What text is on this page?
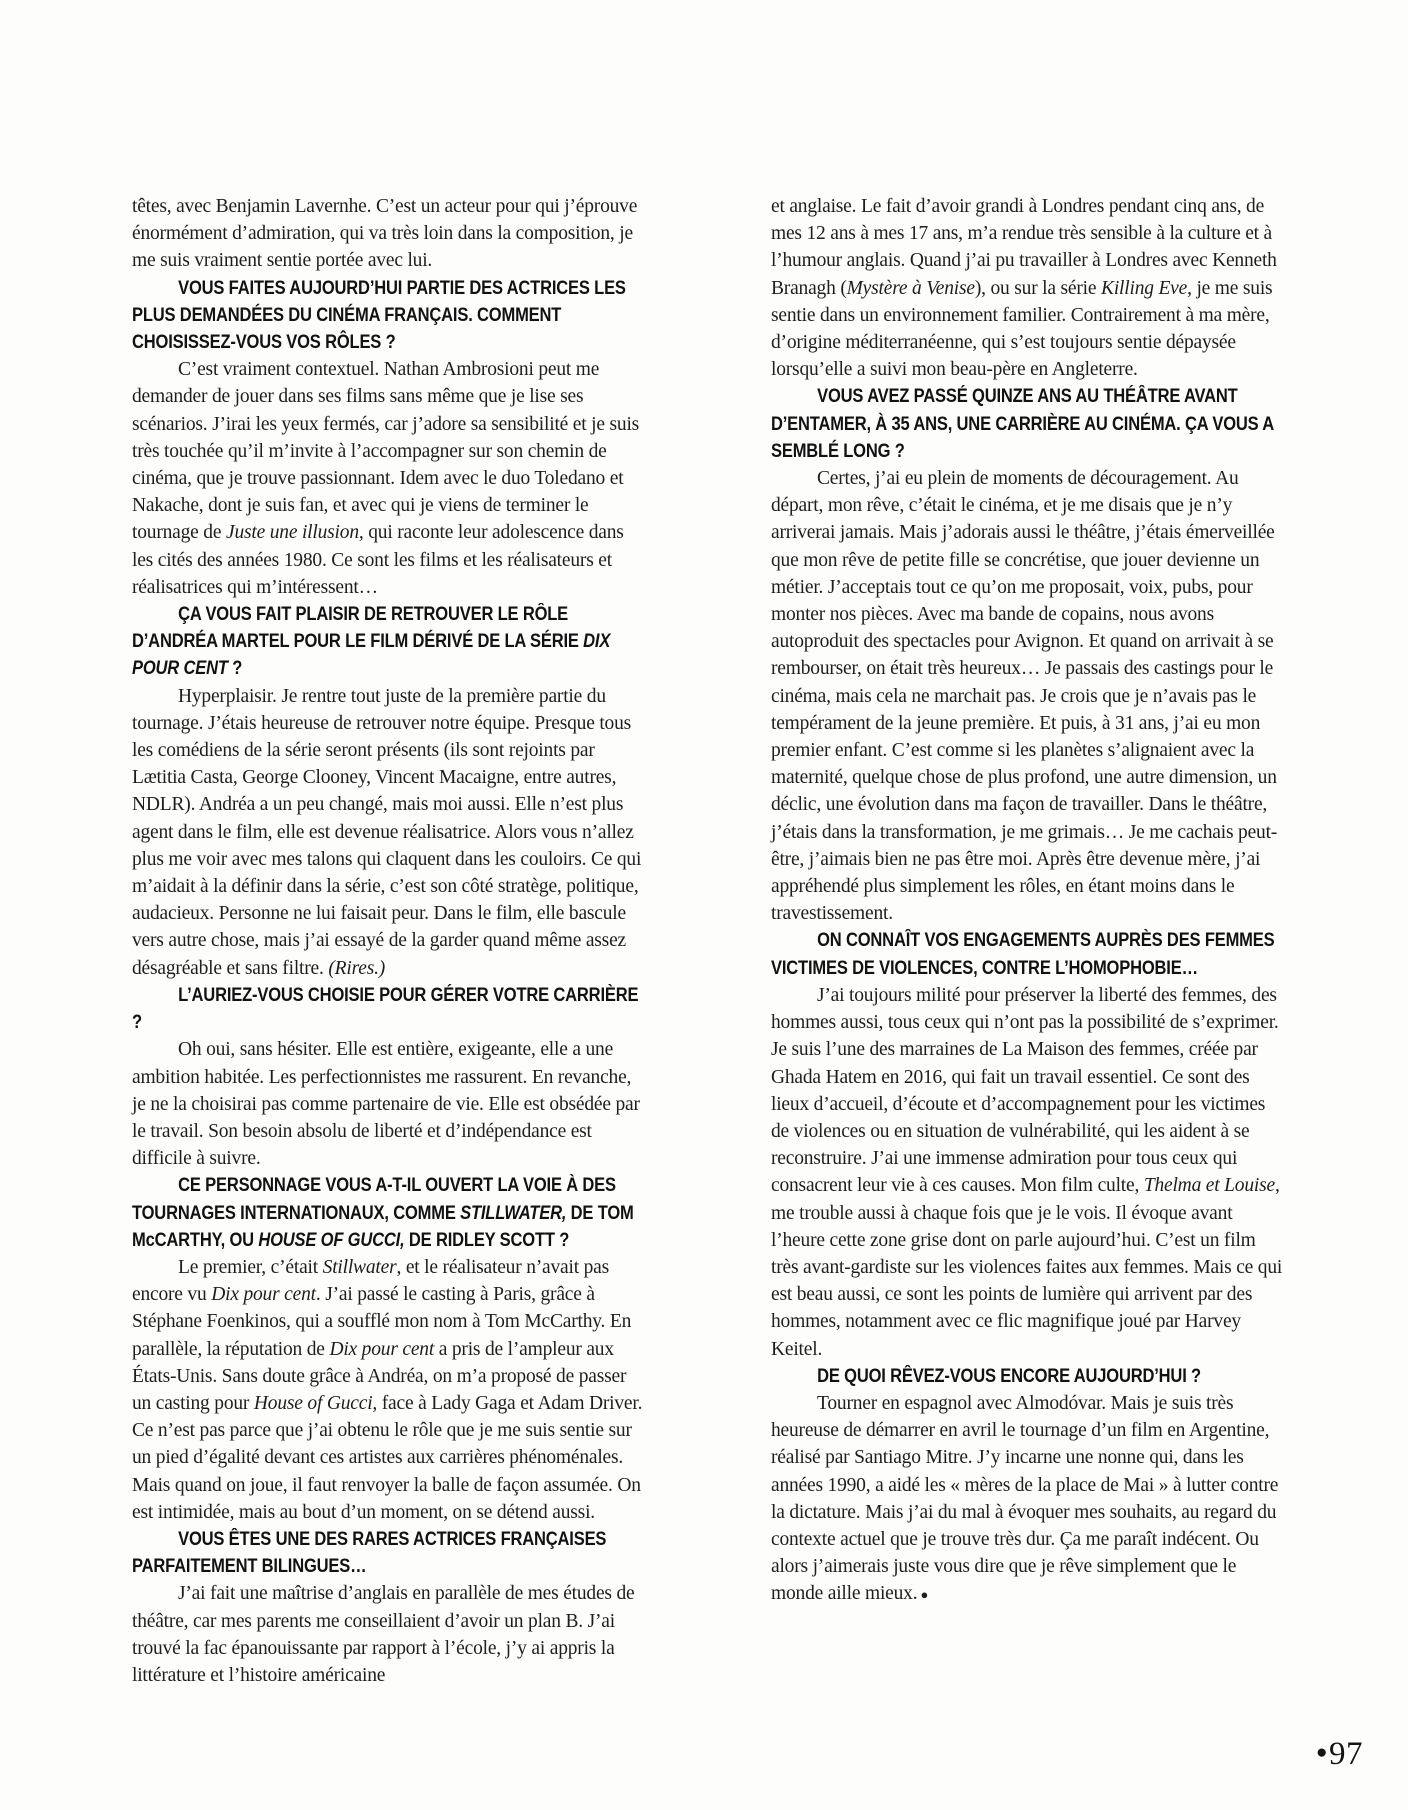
têtes, avec Benjamin Lavernhe. C’est un acteur pour qui j’éprouve énormément d’admiration, qui va très loin dans la composition, je me suis vraiment sentie portée avec lui.

VOUS FAITES AUJOURD’HUI PARTIE DES ACTRICES LES PLUS DEMANDÉES DU CINÉMA FRANÇAIS. COMMENT CHOISISSEZ-VOUS VOS RÔLES ?

C’est vraiment contextuel. Nathan Ambrosioni peut me demander de jouer dans ses films sans même que je lise ses scénarios. J’irai les yeux fermés, car j’adore sa sensibilité et je suis très touchée qu’il m’invite à l’accompagner sur son chemin de cinéma, que je trouve passionnant. Idem avec le duo Toledano et Nakache, dont je suis fan, et avec qui je viens de terminer le tournage de Juste une illusion, qui raconte leur adolescence dans les cités des années 1980. Ce sont les films et les réalisateurs et réalisatrices qui m’intéressent…

ÇA VOUS FAIT PLAISIR DE RETROUVER LE RÔLE D’ANDRÉA MARTEL POUR LE FILM DÉRIVÉ DE LA SÉRIE DIX POUR CENT ?

Hyperplaisir. Je rentre tout juste de la première partie du tournage. J’étais heureuse de retrouver notre équipe. Presque tous les comédiens de la série seront présents (ils sont rejoints par Lætitia Casta, George Clooney, Vincent Macaigne, entre autres, NDLR). Andréa a un peu changé, mais moi aussi. Elle n’est plus agent dans le film, elle est devenue réalisatrice. Alors vous n’allez plus me voir avec mes talons qui claquent dans les couloirs. Ce qui m’aidait à la définir dans la série, c’est son côté stratège, politique, audacieux. Personne ne lui faisait peur. Dans le film, elle bascule vers autre chose, mais j’ai essayé de la garder quand même assez désagréable et sans filtre. (Rires.)

L’AURIEZ-VOUS CHOISIE POUR GÉRER VOTRE CARRIÈRE ?

Oh oui, sans hésiter. Elle est entière, exigeante, elle a une ambition habitée. Les perfectionnistes me rassurent. En revanche, je ne la choisirai pas comme partenaire de vie. Elle est obsédée par le travail. Son besoin absolu de liberté et d’indépendance est difficile à suivre.

CE PERSONNAGE VOUS A-T-IL OUVERT LA VOIE À DES TOURNAGES INTERNATIONAUX, COMME STILLWATER, DE TOM McCARTHY, OU HOUSE OF GUCCI, DE RIDLEY SCOTT ?

Le premier, c’était Stillwater, et le réalisateur n’avait pas encore vu Dix pour cent. J’ai passé le casting à Paris, grâce à Stéphane Foenkinos, qui a soufflé mon nom à Tom McCarthy. En parallèle, la réputation de Dix pour cent a pris de l’ampleur aux États-Unis. Sans doute grâce à Andréa, on m’a proposé de passer un casting pour House of Gucci, face à Lady Gaga et Adam Driver. Ce n’est pas parce que j’ai obtenu le rôle que je me suis sentie sur un pied d’égalité devant ces artistes aux carrières phénoménales. Mais quand on joue, il faut renvoyer la balle de façon assumée. On est intimidée, mais au bout d’un moment, on se détend aussi.

VOUS ÊTES UNE DES RARES ACTRICES FRANÇAISES PARFAITEMENT BILINGUES…

J’ai fait une maîtrise d’anglais en parallèle de mes études de théâtre, car mes parents me conseillaient d’avoir un plan B. J’ai trouvé la fac épanouissante par rapport à l’école, j’y ai appris la littérature et l’histoire américaine

et anglaise. Le fait d’avoir grandi à Londres pendant cinq ans, de mes 12 ans à mes 17 ans, m’a rendue très sensible à la culture et à l’humour anglais. Quand j’ai pu travailler à Londres avec Kenneth Branagh (Mystère à Venise), ou sur la série Killing Eve, je me suis sentie dans un environnement familier. Contrairement à ma mère, d’origine méditerranéenne, qui s’est toujours sentie dépaysée lorsqu’elle a suivi mon beau-père en Angleterre.

VOUS AVEZ PASSÉ QUINZE ANS AU THÉÂTRE AVANT D’ENTAMER, À 35 ANS, UNE CARRIÈRE AU CINÉMA. ÇA VOUS A SEMBLÉ LONG ?

Certes, j’ai eu plein de moments de découragement. Au départ, mon rêve, c’était le cinéma, et je me disais que je n’y arriverai jamais. Mais j’adorais aussi le théâtre, j’étais émerveillée que mon rêve de petite fille se concrétise, que jouer devienne un métier. J’acceptais tout ce qu’on me proposait, voix, pubs, pour monter nos pièces. Avec ma bande de copains, nous avons autoproduit des spectacles pour Avignon. Et quand on arrivait à se rembourser, on était très heureux… Je passais des castings pour le cinéma, mais cela ne marchait pas. Je crois que je n’avais pas le tempérament de la jeune première. Et puis, à 31 ans, j’ai eu mon premier enfant. C’est comme si les planètes s’alignaient avec la maternité, quelque chose de plus profond, une autre dimension, un déclic, une évolution dans ma façon de travailler. Dans le théâtre, j’étais dans la transformation, je me grimais… Je me cachais peut-être, j’aimais bien ne pas être moi. Après être devenue mère, j’ai appréhendé plus simplement les rôles, en étant moins dans le travestissement.

ON CONNAÎT VOS ENGAGEMENTS AUPRÈS DES FEMMES VICTIMES DE VIOLENCES, CONTRE L’HOMOPHOBIE…

J’ai toujours milité pour préserver la liberté des femmes, des hommes aussi, tous ceux qui n’ont pas la possibilité de s’exprimer. Je suis l’une des marraines de La Maison des femmes, créée par Ghada Hatem en 2016, qui fait un travail essentiel. Ce sont des lieux d’accueil, d’écoute et d’accompagnement pour les victimes de violences ou en situation de vulnérabilité, qui les aident à se reconstruire. J’ai une immense admiration pour tous ceux qui consacrent leur vie à ces causes. Mon film culte, Thelma et Louise, me trouble aussi à chaque fois que je le vois. Il évoque avant l’heure cette zone grise dont on parle aujourd’hui. C’est un film très avant-gardiste sur les violences faites aux femmes. Mais ce qui est beau aussi, ce sont les points de lumière qui arrivent par des hommes, notamment avec ce flic magnifique joué par Harvey Keitel.

DE QUOI RÊVEZ-VOUS ENCORE AUJOURD’HUI ?

Tourner en espagnol avec Almodóvar. Mais je suis très heureuse de démarrer en avril le tournage d’un film en Argentine, réalisé par Santiago Mitre. J’y incarne une nonne qui, dans les années 1990, a aidé les « mères de la place de Mai » à lutter contre la dictature. Mais j’ai du mal à évoquer mes souhaits, au regard du contexte actuel que je trouve très dur. Ça me paraît indécent. Ou alors j’aimerais juste vous dire que je rêve simplement que le monde aille mieux. ●

●97
